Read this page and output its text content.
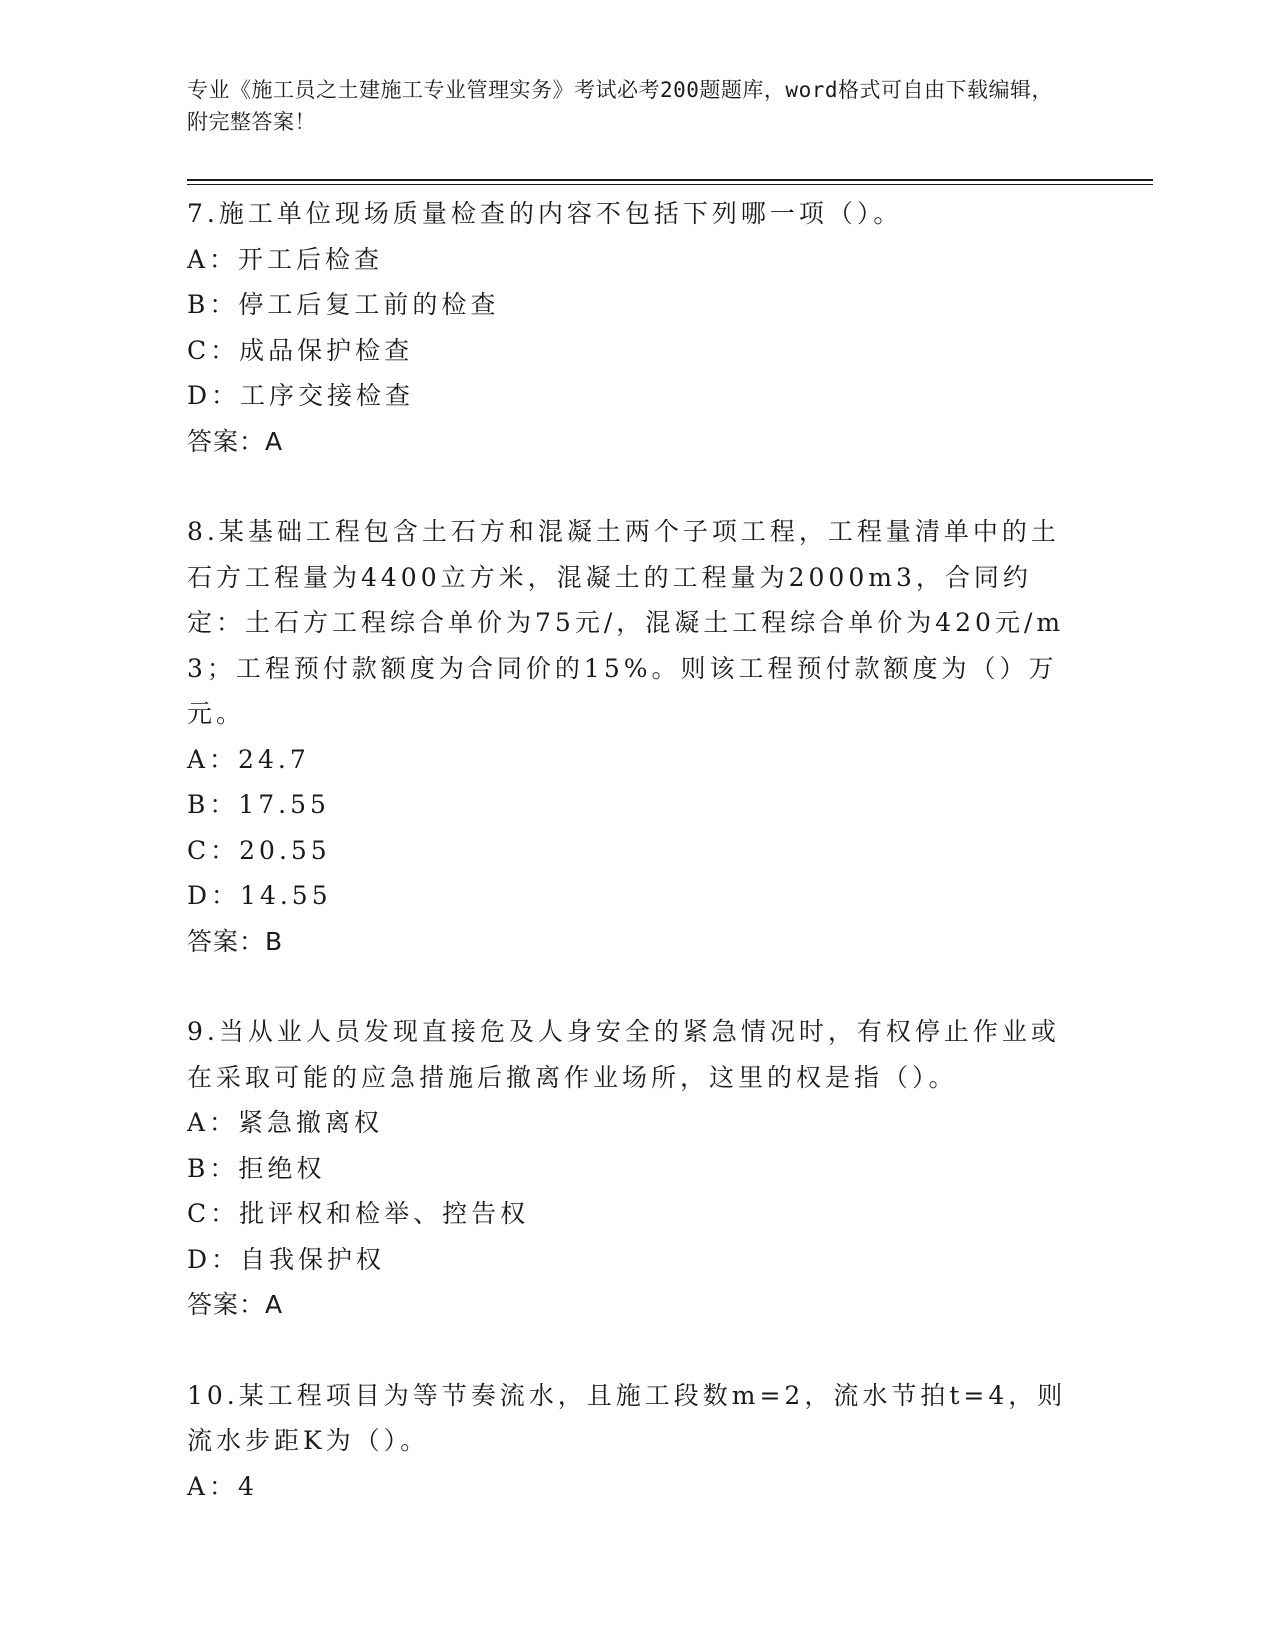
专业《施工员之土建施工专业管理实务》考试必考200题题库，word格式可自由下载编辑，附完整答案！

7.施工单位现场质量检查的内容不包括下列哪一项（）。

A：开工后检查

B：停工后复工前的检查

C：成品保护检查

D：工序交接检查

答案：A

8.某基础工程包含土石方和混凝土两个子项工程，工程量清单中的土石方工程量为4400立方米，混凝土的工程量为2000m3，合同约定：土石方工程综合单价为75元/，混凝土工程综合单价为420元/m3；工程预付款额度为合同价的15%。则该工程预付款额度为（）万元。

A：24.7

B：17.55

C：20.55

D：14.55

答案：B

9.当从业人员发现直接危及人身安全的紧急情况时，有权停止作业或在采取可能的应急措施后撤离作业场所，这里的权是指（）。

A：紧急撤离权

B：拒绝权

C：批评权和检举、控告权

D：自我保护权

答案：A

10.某工程项目为等节奏流水，且施工段数m=2，流水节拍t=4，则流水步距K为（）。

A：4
